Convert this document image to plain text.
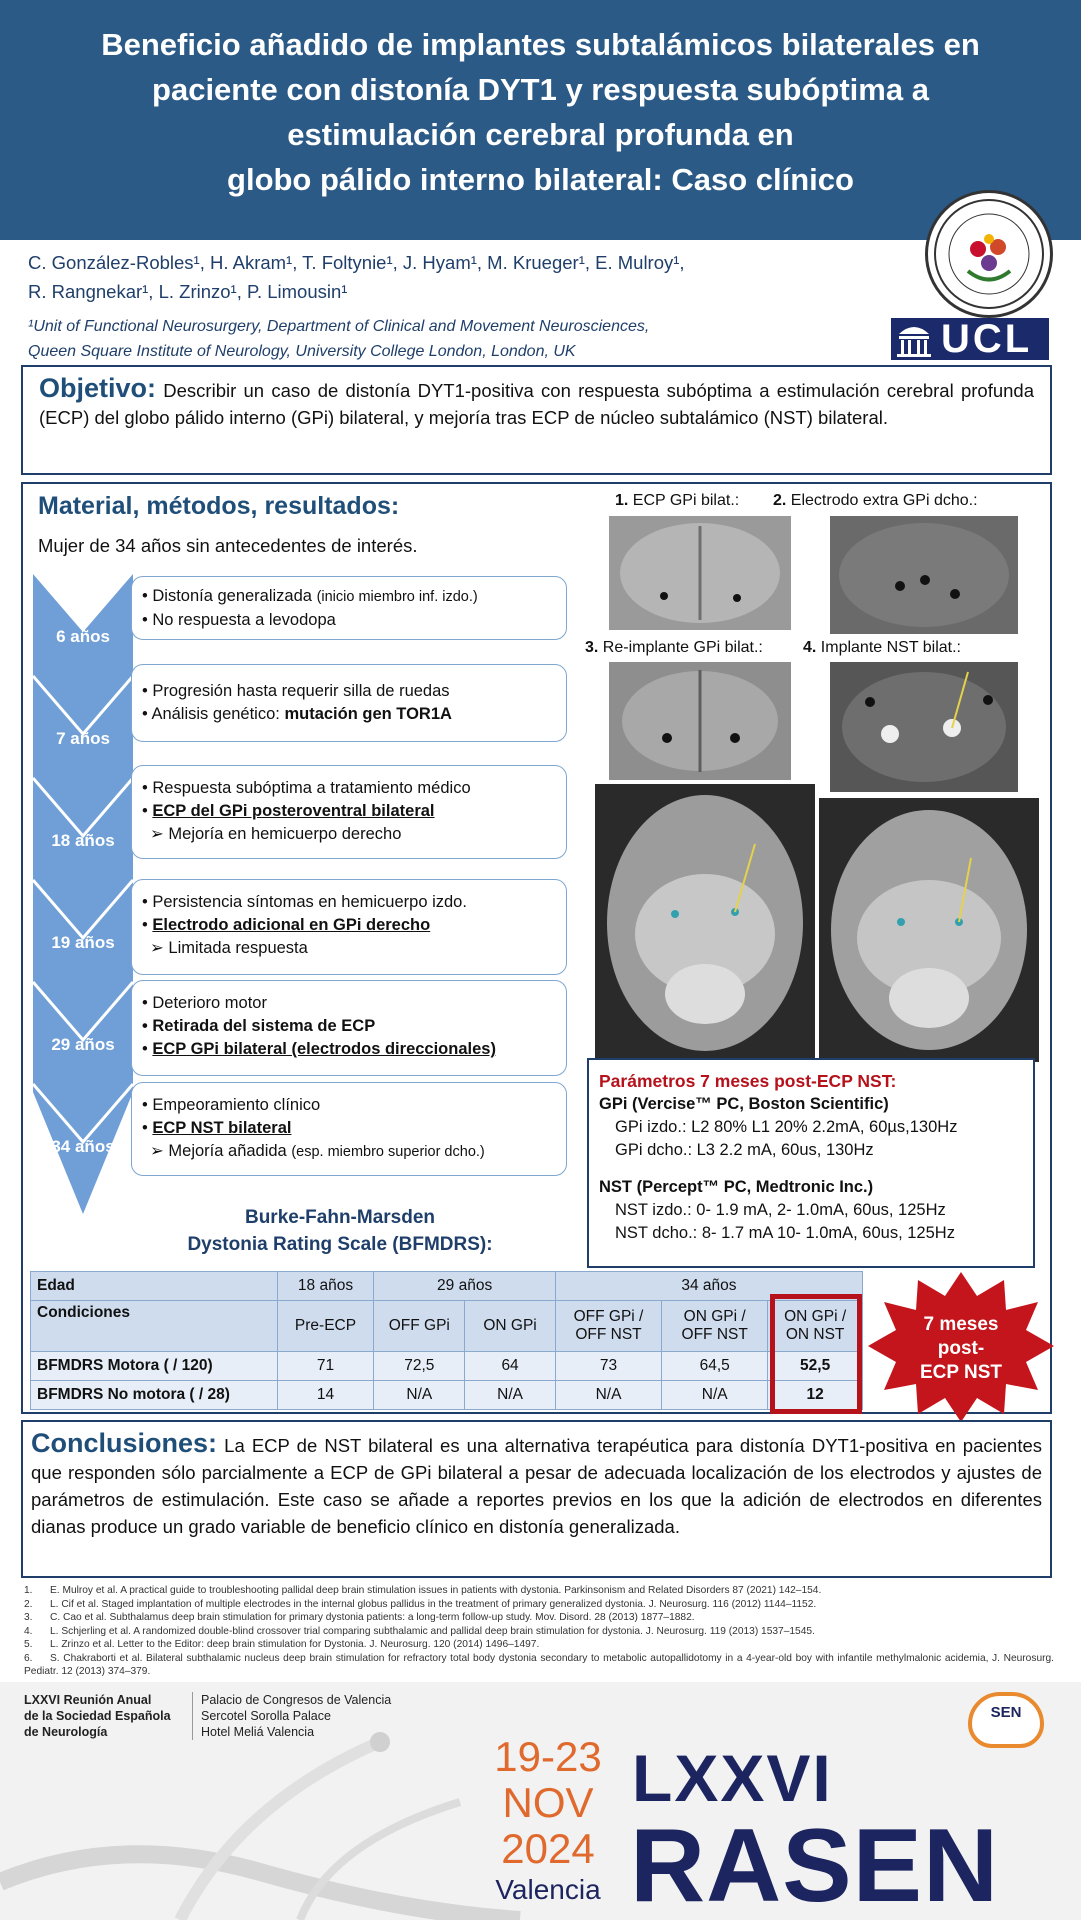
Beneficio añadido de implantes subtalámicos bilaterales en
paciente con distonía DYT1 y respuesta subóptima a
estimulación cerebral profunda en
globo pálido interno bilateral: Caso clínico
C. González-Robles¹, H. Akram¹, T. Foltynie¹, J. Hyam¹, M. Krueger¹, E. Mulroy¹,
R. Rangnekar¹, L. Zrinzo¹, P. Limousin¹
¹Unit of Functional Neurosurgery, Department of Clinical and Movement Neurosciences,
Queen Square Institute of Neurology, University College London, London, UK	UCL
Objetivo: Describir un caso de distonía DYT1-positiva con respuesta subóptima a estimulación cerebral profunda (ECP) del globo pálido interno (GPi) bilateral, y mejoría tras ECP de núcleo subtalámico (NST) bilateral.
Material, métodos, resultados:
Mujer de 34 años sin antecedentes de interés.
6 años
7 años
18 años
19 años
29 años
34 años
• Distonía generalizada (inicio miembro inf. izdo.)
• No respuesta a levodopa
• Progresión hasta requerir silla de ruedas
• Análisis genético: mutación gen TOR1A
• Respuesta subóptima a tratamiento médico
• ECP del GPi posteroventral bilateral
➢ Mejoría en hemicuerpo derecho
• Persistencia síntomas en hemicuerpo izdo.
• Electrodo adicional en GPi derecho
➢ Limitada respuesta
• Deterioro motor
• Retirada del sistema de ECP
• ECP GPi bilateral (electrodos direccionales)
• Empeoramiento clínico
• ECP NST bilateral
➢ Mejoría añadida (esp. miembro superior dcho.)
1. ECP GPi bilat.: 2. Electrodo extra GPi dcho.:
3. Re-implante GPi bilat.:	4. Implante NST bilat.:
Parámetros 7 meses post-ECP NST:
GPi (Vercise™ PC, Boston Scientific)
GPi izdo.: L2 80% L1 20% 2.2mA, 60µs,130Hz
GPi dcho.: L3 2.2 mA, 60us, 130Hz
NST (Percept™ PC, Medtronic Inc.)
NST izdo.: 0- 1.9 mA, 2- 1.0mA, 60us, 125Hz
NST dcho.: 8- 1.7 mA 10- 1.0mA, 60us, 125Hz
Burke-Fahn-Marsden
Dystonia Rating Scale (BFMDRS):
Edad	18 años	29 años		34 años		
Condiciones	Pre-ECP	OFF GPi	ON GPi	OFF GPi / OFF NST	ON GPi / OFF NST	ON GPi / ON NST
BFMDRS Motora ( / 120)	71	72,5	64	73	64,5	52,5
BFMDRS No motora ( / 28)	14	N/A	N/A	N/A	N/A	12
7 meses
post-
ECP NST
Conclusiones: La ECP de NST bilateral es una alternativa terapéutica para distonía DYT1-positiva en pacientes que responden sólo parcialmente a ECP de GPi bilateral a pesar de adecuada localización de los electrodos y ajustes de parámetros de estimulación. Este caso se añade a reportes previos en los que la adición de electrodos en diferentes dianas produce un grado variable de beneficio clínico en distonía generalizada.
1. E. Mulroy et al. A practical guide to troubleshooting pallidal deep brain stimulation issues in patients with dystonia. Parkinsonism and Related Disorders 87 (2021) 142–154.
2. L. Cif et al. Staged implantation of multiple electrodes in the internal globus pallidus in the treatment of primary generalized dystonia. J. Neurosurg. 116 (2012) 1144–1152.
3. C. Cao et al. Subthalamus deep brain stimulation for primary dystonia patients: a long-term follow-up study. Mov. Disord. 28 (2013) 1877–1882.
4. L. Schjerling et al. A randomized double-blind crossover trial comparing subthalamic and pallidal deep brain stimulation for dystonia. J. Neurosurg. 119 (2013) 1537–1545.
5. L. Zrinzo et al. Letter to the Editor: deep brain stimulation for Dystonia. J. Neurosurg. 120 (2014) 1496–1497.
6. S. Chakraborti et al. Bilateral subthalamic nucleus deep brain stimulation for refractory total body dystonia secondary to metabolic autopallidotomy in a 4-year-old boy with infantile methylmalonic acidemia, J. Neurosurg. Pediatr. 12 (2013) 374–379.
LXXVI Reunión Anual
de la Sociedad Española
de Neurología
Palacio de Congresos de Valencia
Sercotel Sorolla Palace
Hotel Meliá Valencia
19-23
NOV
2024
Valencia
LXXVI
RASEN
SEN
